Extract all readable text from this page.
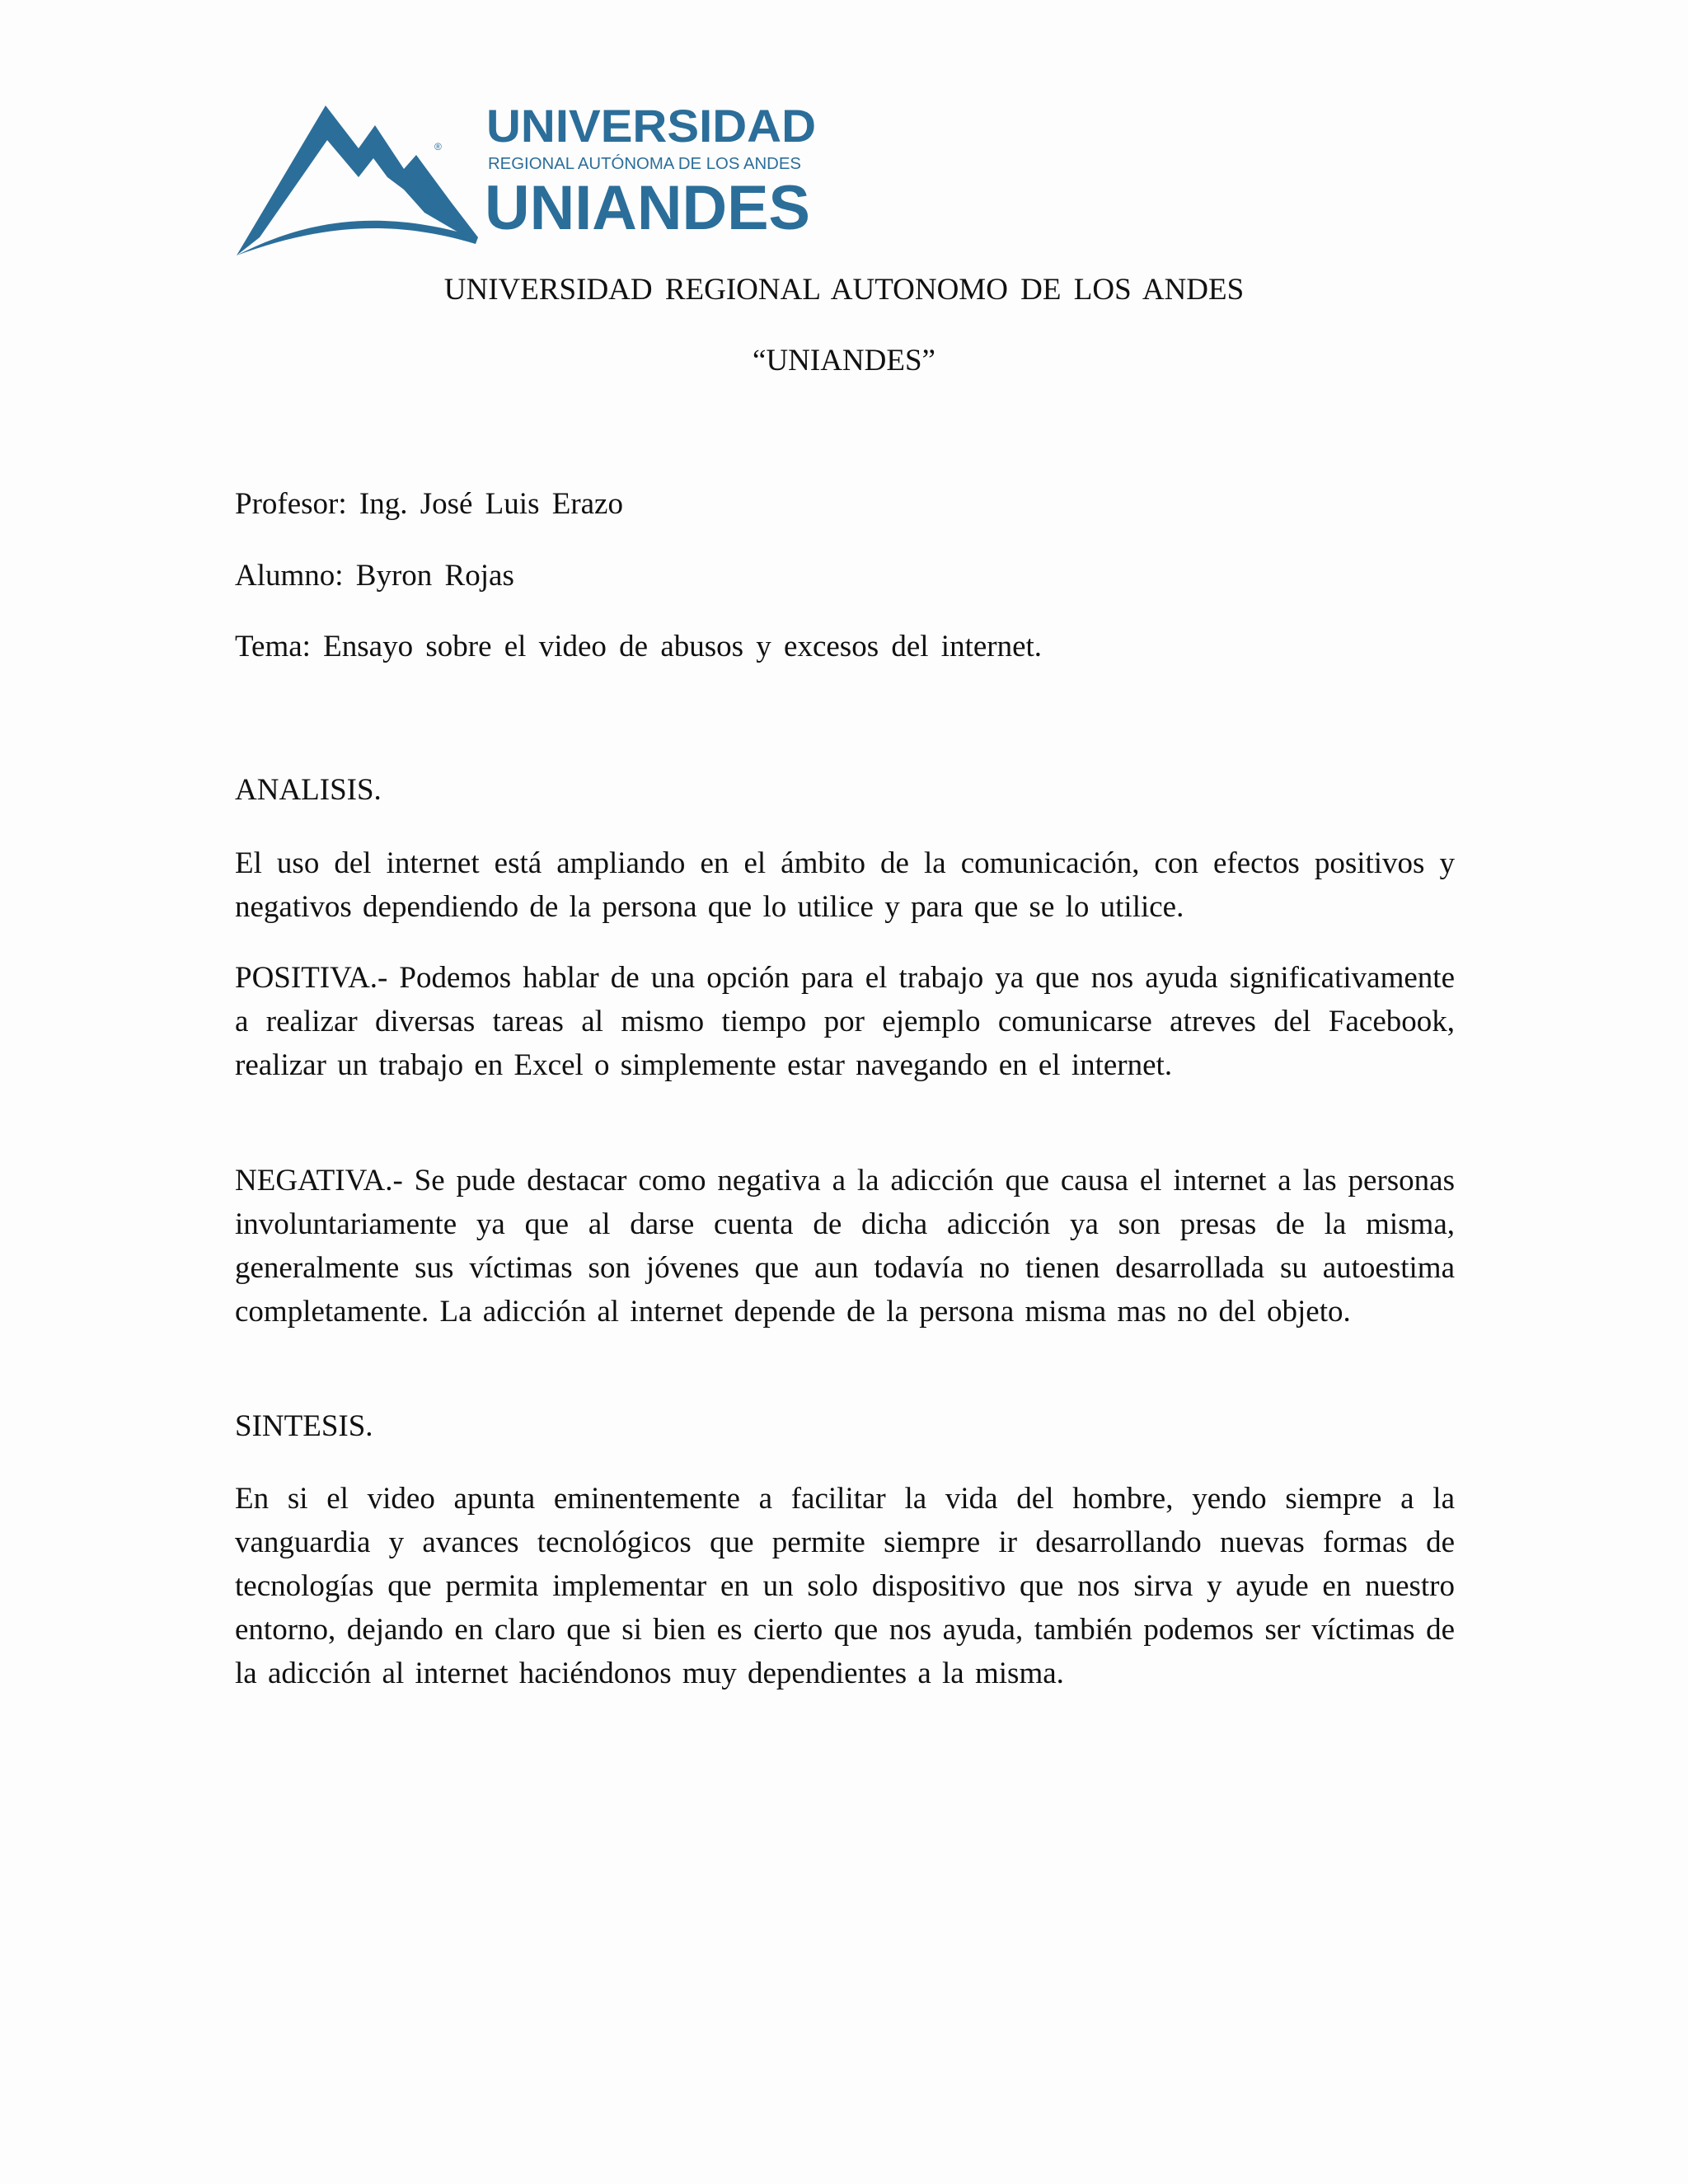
® UNIVERSIDAD
REGIONAL AUTÓNOMA DE LOS ANDES
UNIANDES
UNIVERSIDAD REGIONAL AUTONOMO DE LOS ANDES
“UNIANDES”
Profesor: Ing. José Luis Erazo
Alumno: Byron Rojas
Tema: Ensayo sobre el video de abusos y excesos del internet.
ANALISIS.
El uso del internet está ampliando en el ámbito de la comunicación, con efectos positivos y negativos dependiendo de la persona que lo utilice y para que se lo utilice.
POSITIVA.- Podemos hablar de una opción para el trabajo ya que nos ayuda significativamente a realizar diversas tareas al mismo tiempo por ejemplo comunicarse atreves del Facebook, realizar un trabajo en Excel o simplemente estar navegando en el internet.
NEGATIVA.- Se pude destacar como negativa a la adicción que causa el internet a las personas involuntariamente ya que al darse cuenta de dicha adicción ya son presas de la misma, generalmente sus víctimas son jóvenes que aun todavía no tienen desarrollada su autoestima completamente. La adicción al internet depende de la persona misma mas no del objeto.
SINTESIS.
En si el video apunta eminentemente a facilitar la vida del hombre, yendo siempre a la vanguardia y avances tecnológicos que permite siempre ir desarrollando nuevas formas de tecnologías que permita implementar en un solo dispositivo que nos sirva y ayude en nuestro entorno, dejando en claro que si bien es cierto que nos ayuda, también podemos ser víctimas de la adicción al internet haciéndonos muy dependientes a la misma.
